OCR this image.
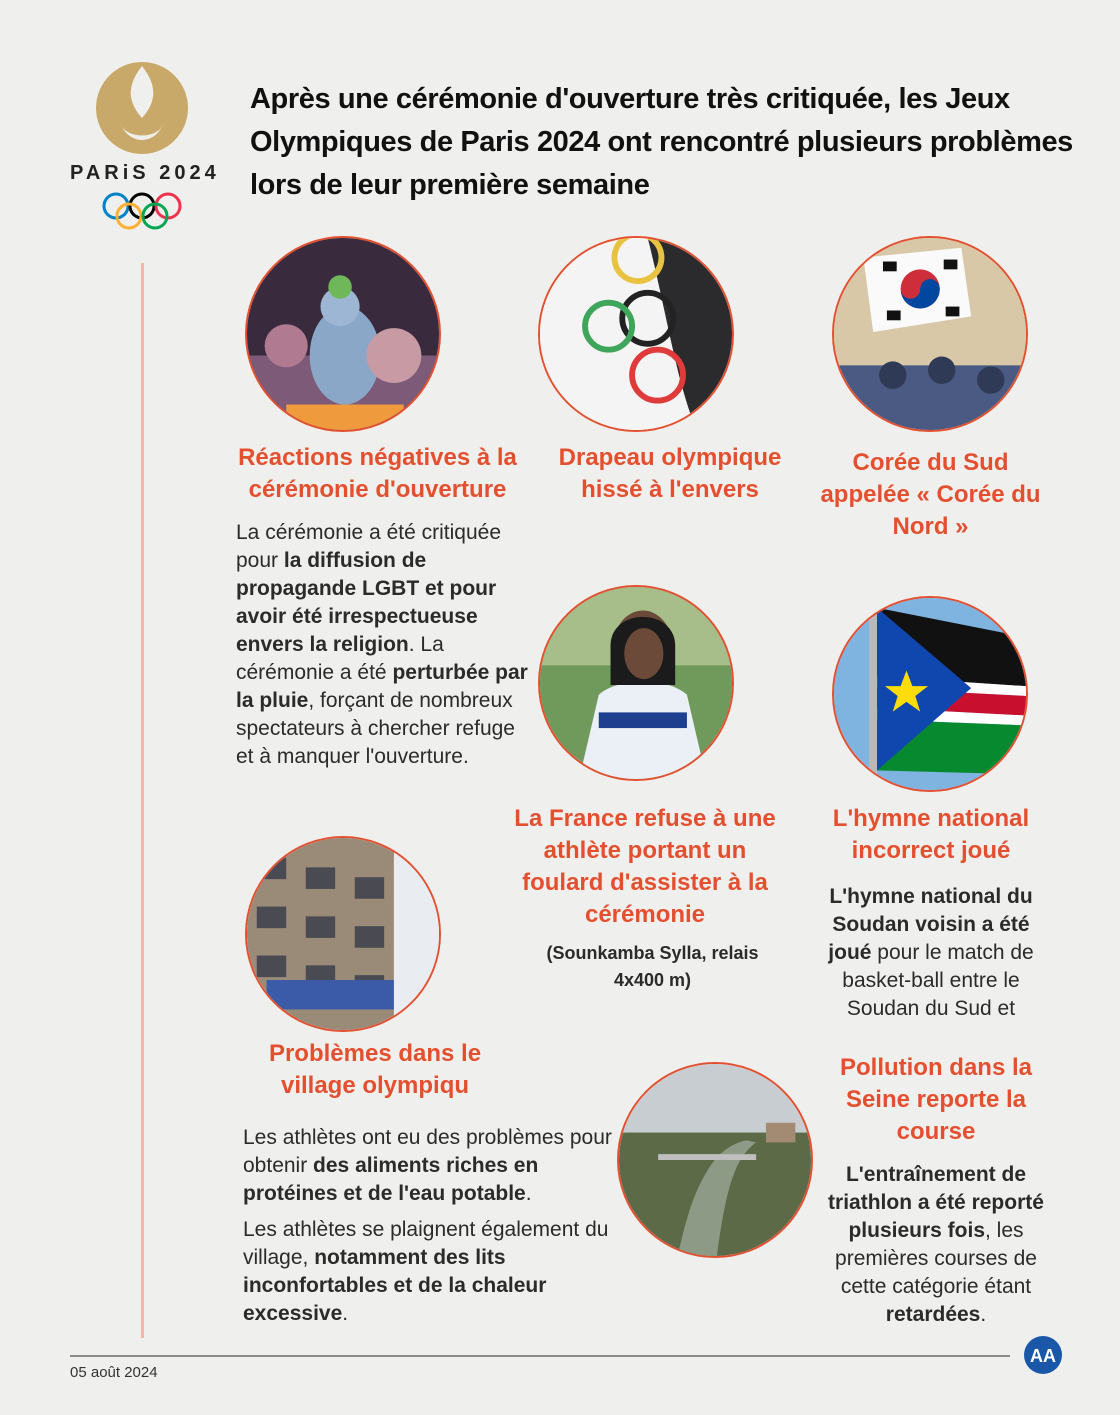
PARiS 2024
Après une cérémonie d'ouverture très critiquée, les Jeux Olympiques de Paris 2024 ont rencontré plusieurs problèmes lors de leur première semaine
Réactions négatives à la cérémonie d'ouverture
La cérémonie a été critiquée pour la diffusion de propagande LGBT et pour avoir été irrespectueuse envers la religion. La cérémonie a été perturbée par la pluie, forçant de nombreux spectateurs à chercher refuge et à manquer l'ouverture.
Drapeau olympique hissé à l'envers
Corée du Sud appelée « Corée du Nord »
La France refuse à une athlète portant un foulard d'assister à la cérémonie
(Sounkamba Sylla, relais 4x400 m)
L'hymne national incorrect joué
L'hymne national du Soudan voisin a été joué pour le match de basket-ball entre le Soudan du Sud et
Problèmes dans le village olympiqu
Les athlètes ont eu des problèmes pour obtenir des aliments riches en protéines et de l'eau potable.
Les athlètes se plaignent également du village, notamment des lits inconfortables et de la chaleur excessive.
Pollution dans la Seine reporte la course
L'entraînement de triathlon a été reporté plusieurs fois, les premières courses de cette catégorie étant retardées.
05 août 2024
AA
